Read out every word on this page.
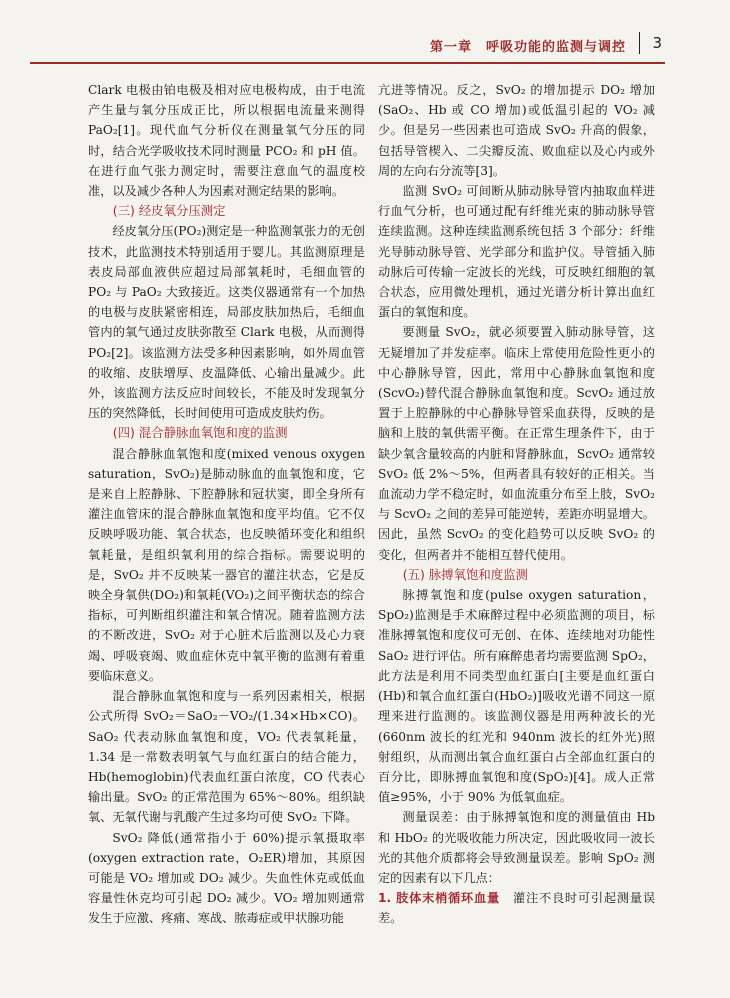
第一章　呼吸功能的监测与调控 3

Clark 电极由铂电极及相对应电极构成，由于电流产生量与氧分压成正比，所以根据电流量来测得 PaO₂[1]。现代血气分析仪在测量氧气分压的同时，结合光学吸收技术同时测量 PCO₂ 和 pH 值。在进行血气张力测定时，需要注意血气的温度校准，以及减少各种人为因素对测定结果的影响。

(三) 经皮氧分压测定

经皮氧分压(PO₂)测定是一种监测氧张力的无创技术，此监测技术特别适用于婴儿。其监测原理是表皮局部血液供应超过局部氧耗时，毛细血管的 PO₂ 与 PaO₂ 大致接近。这类仪器通常有一个加热的电极与皮肤紧密相连，局部皮肤加热后，毛细血管内的氧气通过皮肤弥散至 Clark 电极，从而测得 PO₂[2]。该监测方法受多种因素影响，如外周血管的收缩、皮肤增厚、皮温降低、心输出量减少。此外，该监测方法反应时间较长，不能及时发现氧分压的突然降低，长时间使用可造成皮肤灼伤。

(四) 混合静脉血氧饱和度的监测

混合静脉血氧饱和度(mixed venous oxygen saturation，SvO₂)是肺动脉血的血氧饱和度，它是来自上腔静脉、下腔静脉和冠状窦，即全身所有灌注血管床的混合静脉血氧饱和度平均值。它不仅反映呼吸功能、氧合状态，也反映循环变化和组织氧耗量，是组织氧利用的综合指标。需要说明的是，SvO₂ 并不反映某一器官的灌注状态，它是反映全身氧供(DO₂)和氧耗(VO₂)之间平衡状态的综合指标，可判断组织灌注和氧合情况。随着监测方法的不断改进，SvO₂ 对于心脏术后监测以及心力衰竭、呼吸衰竭、败血症休克中氧平衡的监测有着重要临床意义。

混合静脉血氧饱和度与一系列因素相关，根据公式所得 SvO₂＝SaO₂－VO₂/(1.34×Hb×CO)。SaO₂ 代表动脉血氧饱和度，VO₂ 代表氧耗量，1.34 是一常数表明氧气与血红蛋白的结合能力，Hb(hemoglobin)代表血红蛋白浓度，CO 代表心输出量。SvO₂ 的正常范围为 65%～80%。组织缺氧、无氧代谢与乳酸产生过多均可使 SvO₂ 下降。

SvO₂ 降低(通常指小于 60%)提示氧摄取率(oxygen extraction rate，O₂ER)增加，其原因可能是 VO₂ 增加或 DO₂ 减少。失血性休克或低血容量性休克均可引起 DO₂ 减少。VO₂ 增加则通常发生于应激、疼痛、寒战、脓毒症或甲状腺功能

亢进等情况。反之，SvO₂ 的增加提示 DO₂ 增加(SaO₂、Hb 或 CO 增加)或低温引起的 VO₂ 减少。但是另一些因素也可造成 SvO₂ 升高的假象，包括导管楔入、二尖瓣反流、败血症以及心内或外周的左向右分流等[3]。

监测 SvO₂ 可间断从肺动脉导管内抽取血样进行血气分析，也可通过配有纤维光束的肺动脉导管连续监测。这种连续监测系统包括 3 个部分：纤维光导肺动脉导管、光学部分和监护仪。导管插入肺动脉后可传输一定波长的光线，可反映红细胞的氧合状态，应用微处理机，通过光谱分析计算出血红蛋白的氧饱和度。

要测量 SvO₂，就必须要置入肺动脉导管，这无疑增加了并发症率。临床上常使用危险性更小的中心静脉导管，因此，常用中心静脉血氧饱和度(ScvO₂)替代混合静脉血氧饱和度。ScvO₂ 通过放置于上腔静脉的中心静脉导管采血获得，反映的是脑和上肢的氧供需平衡。在正常生理条件下，由于缺少氧含量较高的内脏和肾静脉血，ScvO₂ 通常较 SvO₂ 低 2%～5%，但两者具有较好的正相关。当血流动力学不稳定时，如血流重分布至上肢，SvO₂ 与 ScvO₂ 之间的差异可能逆转，差距亦明显增大。因此，虽然 ScvO₂ 的变化趋势可以反映 SvO₂ 的变化，但两者并不能相互替代使用。

(五) 脉搏氧饱和度监测

脉搏氧饱和度(pulse oxygen saturation，SpO₂)监测是手术麻醉过程中必须监测的项目，标准脉搏氧饱和度仪可无创、在体、连续地对功能性 SaO₂ 进行评估。所有麻醉患者均需要监测 SpO₂，此方法是利用不同类型血红蛋白[主要是血红蛋白(Hb)和氧合血红蛋白(HbO₂)]吸收光谱不同这一原理来进行监测的。该监测仪器是用两种波长的光(660nm 波长的红光和 940nm 波长的红外光)照射组织，从而测出氧合血红蛋白占全部血红蛋白的百分比，即脉搏血氧饱和度(SpO₂)[4]。成人正常值≥95%，小于 90% 为低氧血症。

测量误差：由于脉搏氧饱和度的测量值由 Hb 和 HbO₂ 的光吸收能力所决定，因此吸收同一波长光的其他介质都将会导致测量误差。影响 SpO₂ 测定的因素有以下几点：

1. 肢体末梢循环血量　灌注不良时可引起测量误差。
